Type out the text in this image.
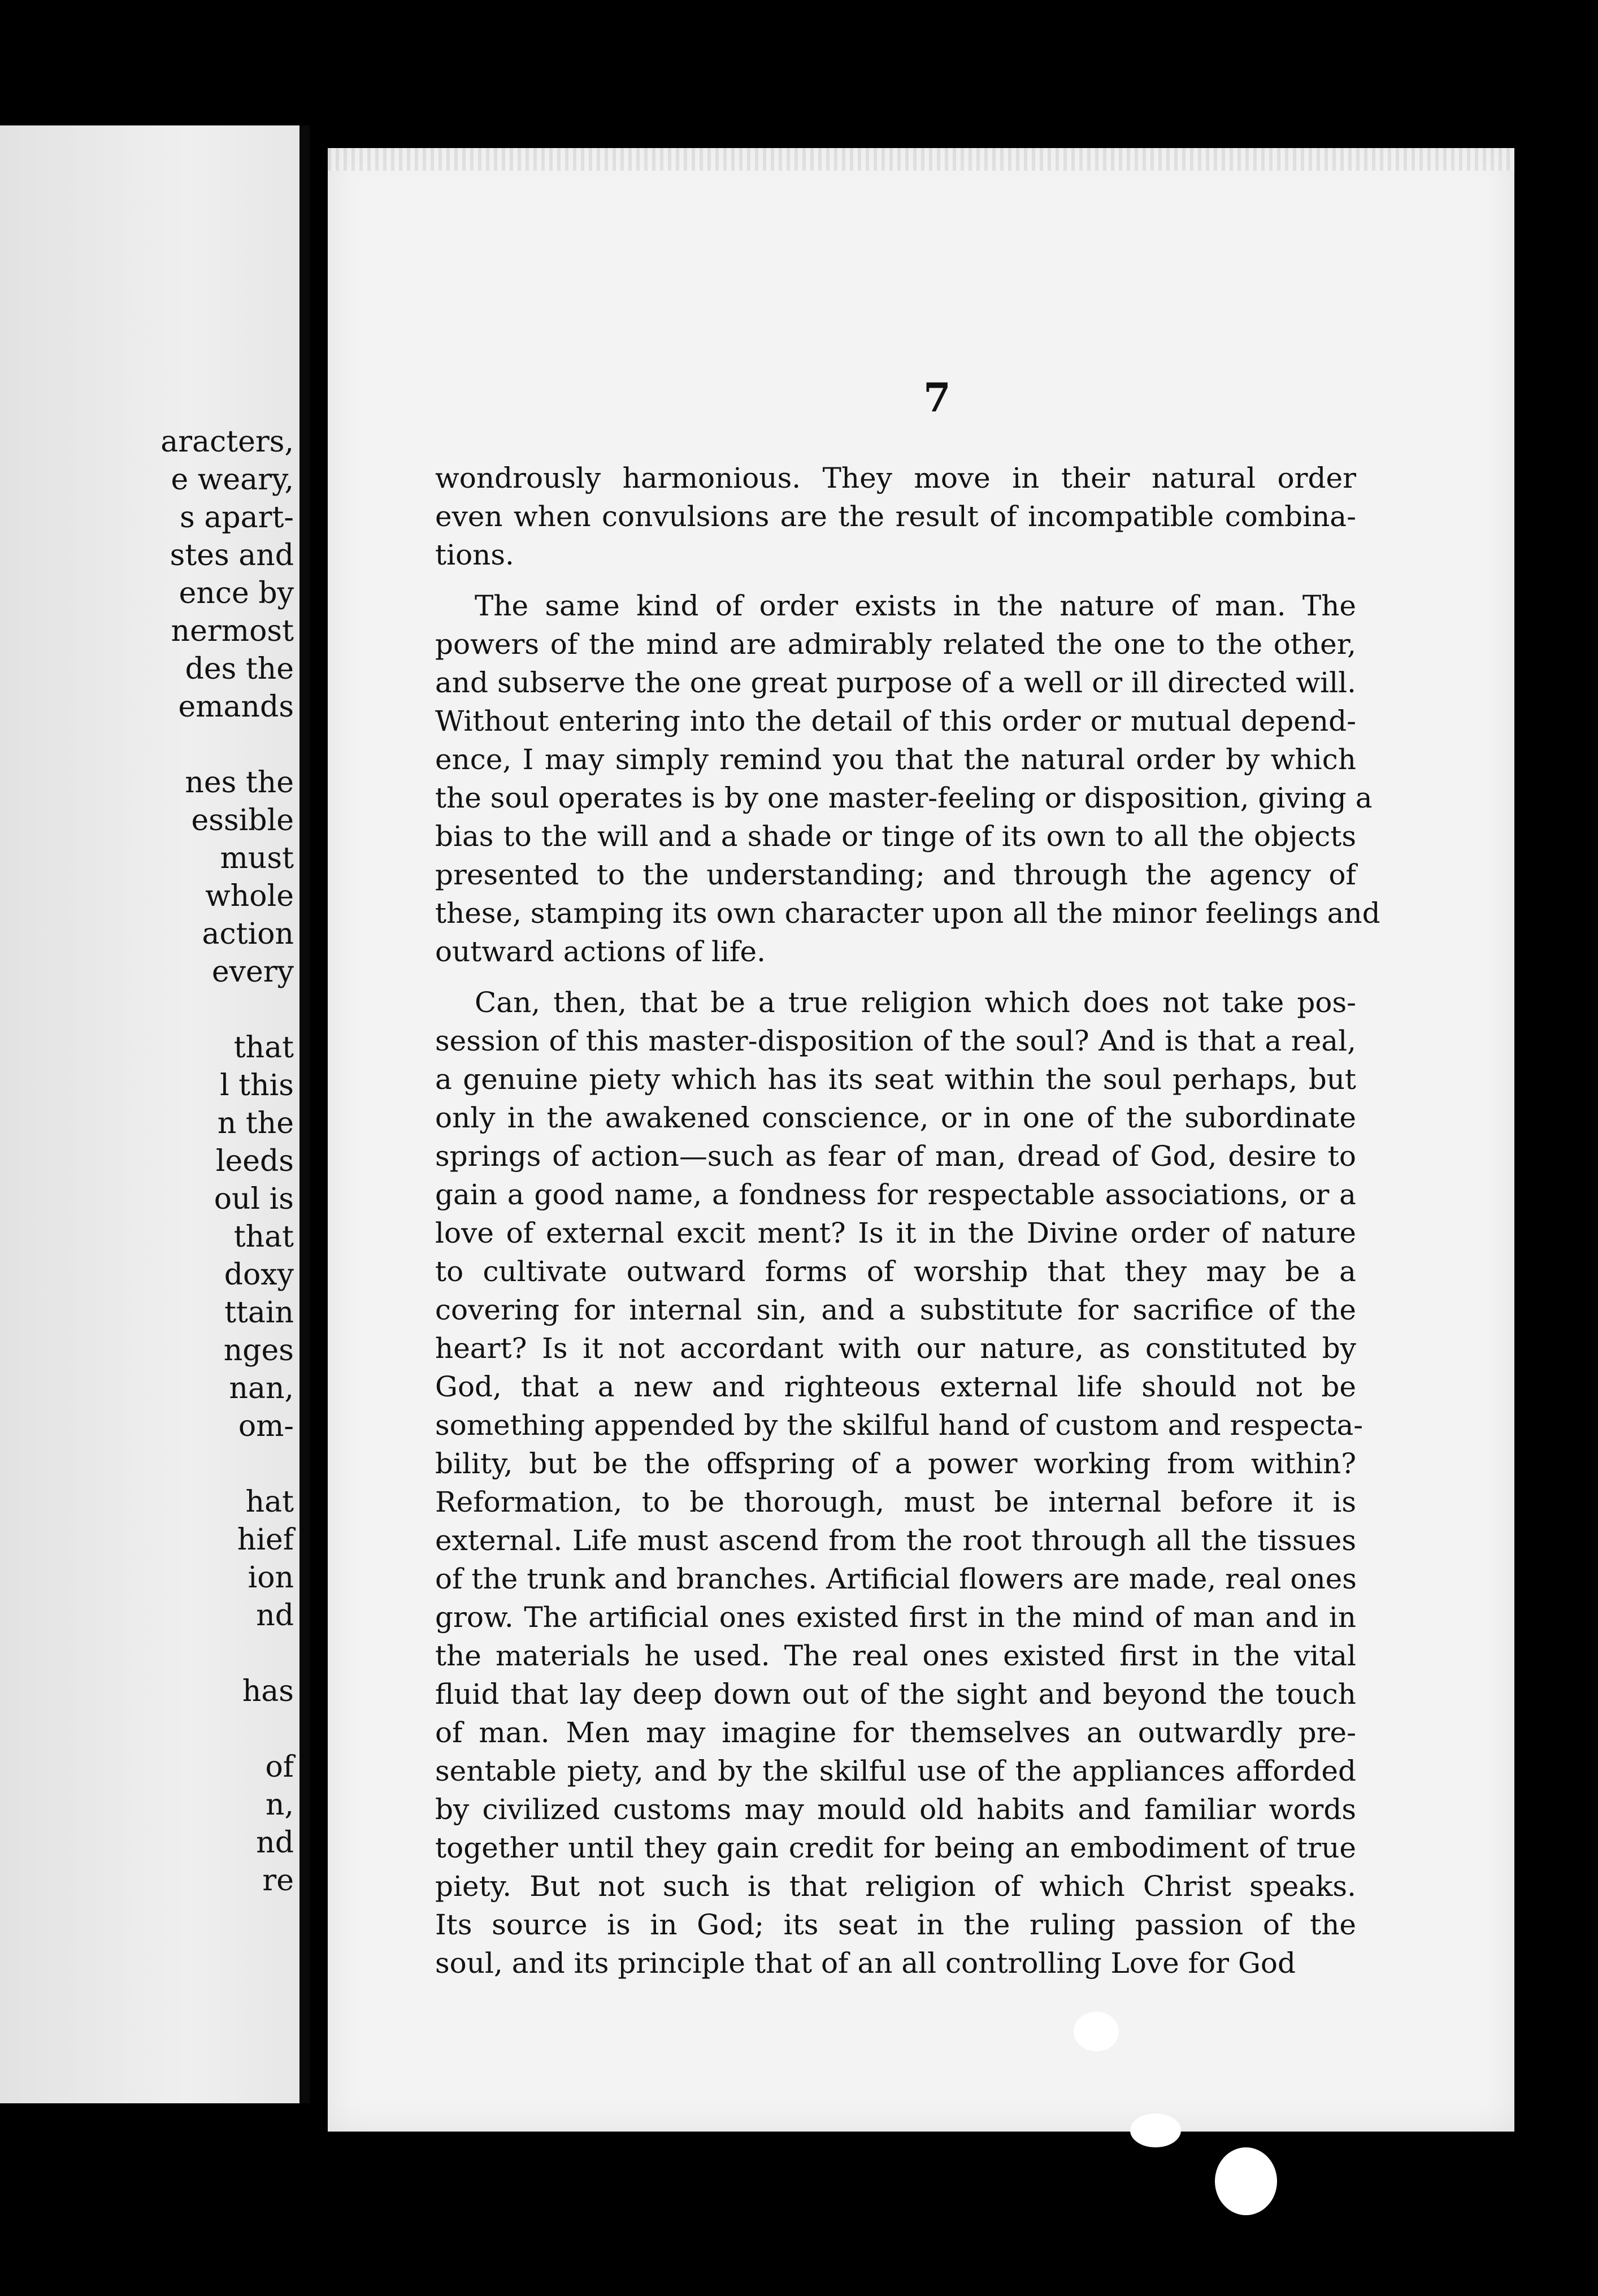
aracters,
e weary,
s apart-
stes and
ence by
nermost
des the
emands
nes the
essible
must
whole
action
every
that
l this
n the
leeds
oul is
that
doxy
ttain
nges
nan,
om-
hat
hief
ion
nd
has
of
n,
nd
re
7
wondrously harmonious. They move in their natural order
even when convulsions are the result of incompatible combina-
tions.
The same kind of order exists in the nature of man. The
powers of the mind are admirably related the one to the other,
and subserve the one great purpose of a well or ill directed will.
Without entering into the detail of this order or mutual depend-
ence, I may simply remind you that the natural order by which
the soul operates is by one master-feeling or disposition, giving a
bias to the will and a shade or tinge of its own to all the objects
presented to the understanding; and through the agency of
these, stamping its own character upon all the minor feelings and
outward actions of life.
Can, then, that be a true religion which does not take pos-
session of this master-disposition of the soul? And is that a real,
a genuine piety which has its seat within the soul perhaps, but
only in the awakened conscience, or in one of the subordinate
springs of action—such as fear of man, dread of God, desire to
gain a good name, a fondness for respectable associations, or a
love of external excit ment? Is it in the Divine order of nature
to cultivate outward forms of worship that they may be a
covering for internal sin, and a substitute for sacrifice of the
heart? Is it not accordant with our nature, as constituted by
God, that a new and righteous external life should not be
something appended by the skilful hand of custom and respecta-
bility, but be the offspring of a power working from within?
Reformation, to be thorough, must be internal before it is
external. Life must ascend from the root through all the tissues
of the trunk and branches. Artificial flowers are made, real ones
grow. The artificial ones existed first in the mind of man and in
the materials he used. The real ones existed first in the vital
fluid that lay deep down out of the sight and beyond the touch
of man. Men may imagine for themselves an outwardly pre-
sentable piety, and by the skilful use of the appliances afforded
by civilized customs may mould old habits and familiar words
together until they gain credit for being an embodiment of true
piety. But not such is that religion of which Christ speaks.
Its source is in God; its seat in the ruling passion of the
soul, and its principle that of an all controlling Love for God
